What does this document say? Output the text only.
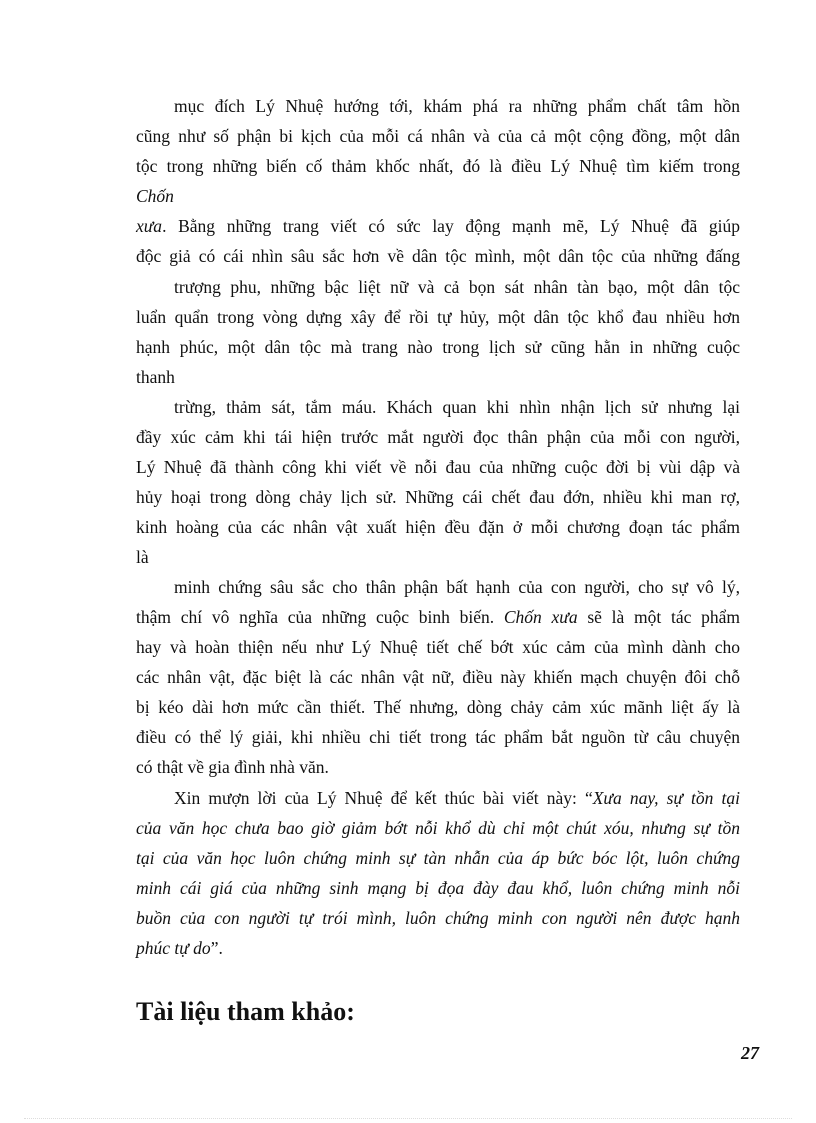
mục đích Lý Nhuệ hướng tới, khám phá ra những phẩm chất tâm hồn
cũng như số phận bi kịch của mỗi cá nhân và của cả một cộng đồng, một dân
tộc trong những biến cố thảm khốc nhất, đó là điều Lý Nhuệ tìm kiếm trong
Chốn
xưa. Bằng những trang viết có sức lay động mạnh mẽ, Lý Nhuệ đã giúp
độc giả có cái nhìn sâu sắc hơn về dân tộc mình, một dân tộc của những đấng
trượng phu, những bậc liệt nữ và cả bọn sát nhân tàn bạo, một dân tộc
luẩn quẩn trong vòng dựng xây để rồi tự hủy, một dân tộc khổ đau nhiều hơn
hạnh phúc, một dân tộc mà trang nào trong lịch sử cũng hằn in những cuộc
thanh
trừng, thảm sát, tắm máu. Khách quan khi nhìn nhận lịch sử nhưng lại
đầy xúc cảm khi tái hiện trước mắt người đọc thân phận của mỗi con người,
Lý Nhuệ đã thành công khi viết về nỗi đau của những cuộc đời bị vùi dập và
hủy hoại trong dòng chảy lịch sử. Những cái chết đau đớn, nhiều khi man rợ,
kinh hoàng của các nhân vật xuất hiện đều đặn ở mỗi chương đoạn tác phẩm
là
minh chứng sâu sắc cho thân phận bất hạnh của con người, cho sự vô lý,
thậm chí vô nghĩa của những cuộc binh biến. Chốn xưa sẽ là một tác phẩm
hay và hoàn thiện nếu như Lý Nhuệ tiết chế bớt xúc cảm của mình dành cho
các nhân vật, đặc biệt là các nhân vật nữ, điều này khiến mạch chuyện đôi chỗ
bị kéo dài hơn mức cần thiết. Thế nhưng, dòng chảy cảm xúc mãnh liệt ấy là
điều có thể lý giải, khi nhiều chi tiết trong tác phẩm bắt nguồn từ câu chuyện
có thật về gia đình nhà văn.
Xin mượn lời của Lý Nhuệ để kết thúc bài viết này: “Xưa nay, sự tồn tại
của văn học chưa bao giờ giảm bớt nỗi khổ dù chỉ một chút xóu, nhưng sự tồn
tại của văn học luôn chứng minh sự tàn nhẫn của áp bức bóc lột, luôn chứng
minh cái giá của những sinh mạng bị đọa đày đau khổ, luôn chứng minh nỗi
buồn của con người tự trói mình, luôn chứng minh con người nên được hạnh
phúc tự do”.
Tài liệu tham khảo:
27
